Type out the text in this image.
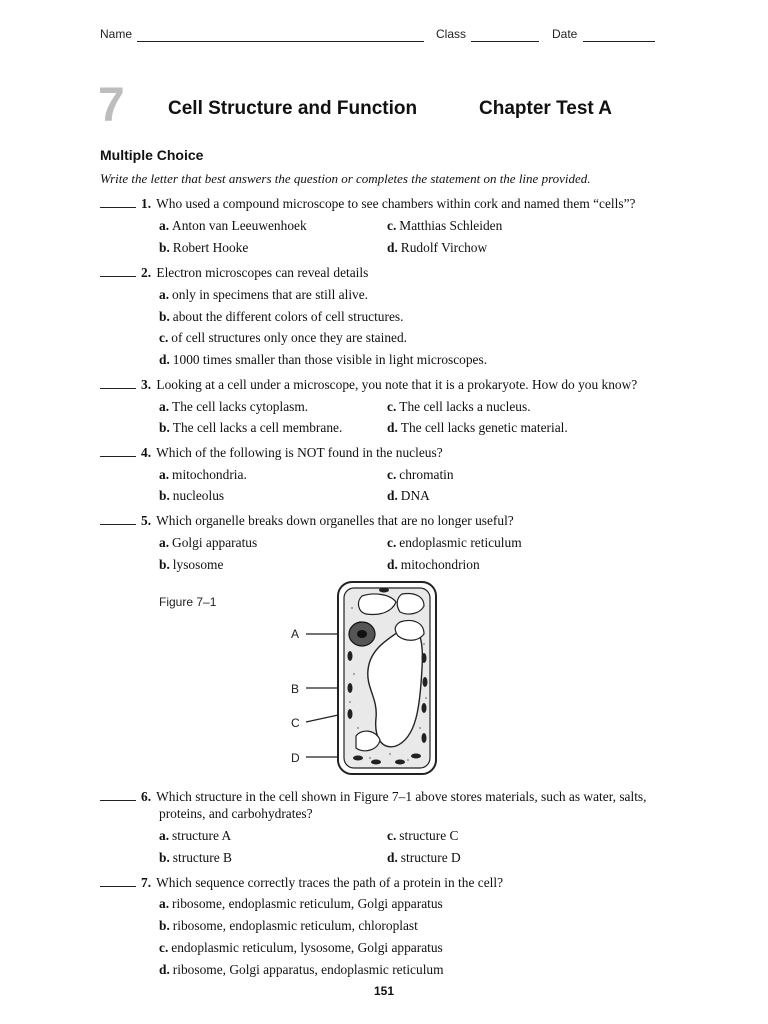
Name	Class	Date
7 Cell Structure and Function	Chapter Test A
Multiple Choice
Write the letter that best answers the question or completes the statement on the line provided.
1. Who used a compound microscope to see chambers within cork and named them “cells”?
a. Anton van Leeuwenhoek	c. Matthias Schleiden
b. Robert Hooke	d. Rudolf Virchow
2. Electron microscopes can reveal details
a. only in specimens that are still alive.
b. about the different colors of cell structures.
c. of cell structures only once they are stained.
d. 1000 times smaller than those visible in light microscopes.
3. Looking at a cell under a microscope, you note that it is a prokaryote. How do you know?
a. The cell lacks cytoplasm.	c. The cell lacks a nucleus.
b. The cell lacks a cell membrane.	d. The cell lacks genetic material.
4. Which of the following is NOT found in the nucleus?
a. mitochondria.	c. chromatin
b. nucleolus	d. DNA
5. Which organelle breaks down organelles that are no longer useful?
a. Golgi apparatus	c. endoplasmic reticulum
b. lysosome	d. mitochondrion
Figure 7–1
A
B
C
D
6. Which structure in the cell shown in Figure 7–1 above stores materials, such as water, salts,
proteins, and carbohydrates?
a. structure A	c. structure C
b. structure B	d. structure D
7. Which sequence correctly traces the path of a protein in the cell?
a. ribosome, endoplasmic reticulum, Golgi apparatus
b. ribosome, endoplasmic reticulum, chloroplast
c. endoplasmic reticulum, lysosome, Golgi apparatus
d. ribosome, Golgi apparatus, endoplasmic reticulum
151
